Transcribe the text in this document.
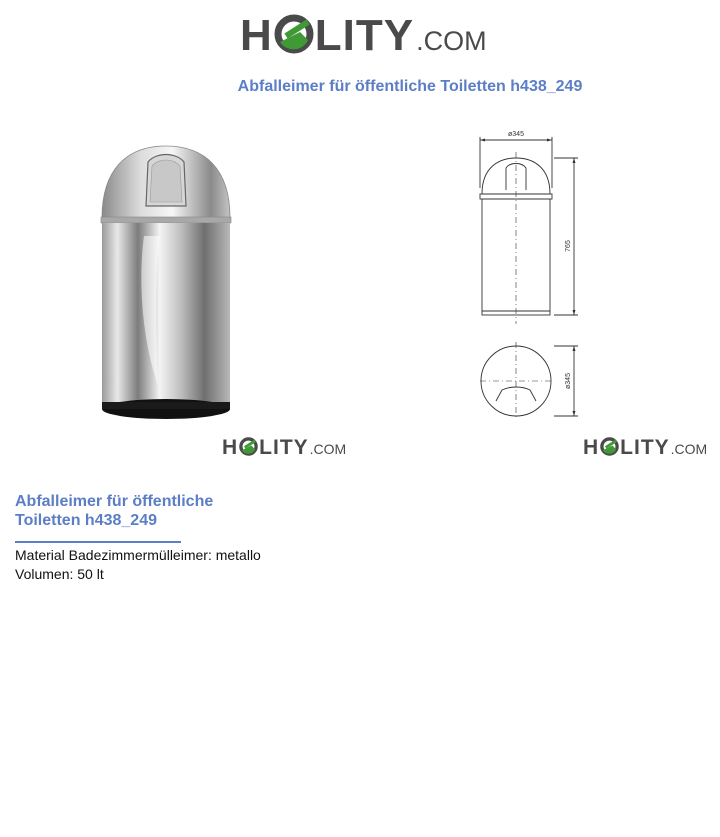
H LITY .COM
Abfalleimer für öffentliche Toiletten h438_249
ø345
765
ø345
H LITY .COM	H LITY .COM
Abfalleimer für öffentliche Toiletten h438_249
Material Badezimmermülleimer: metallo
Volumen: 50 lt
